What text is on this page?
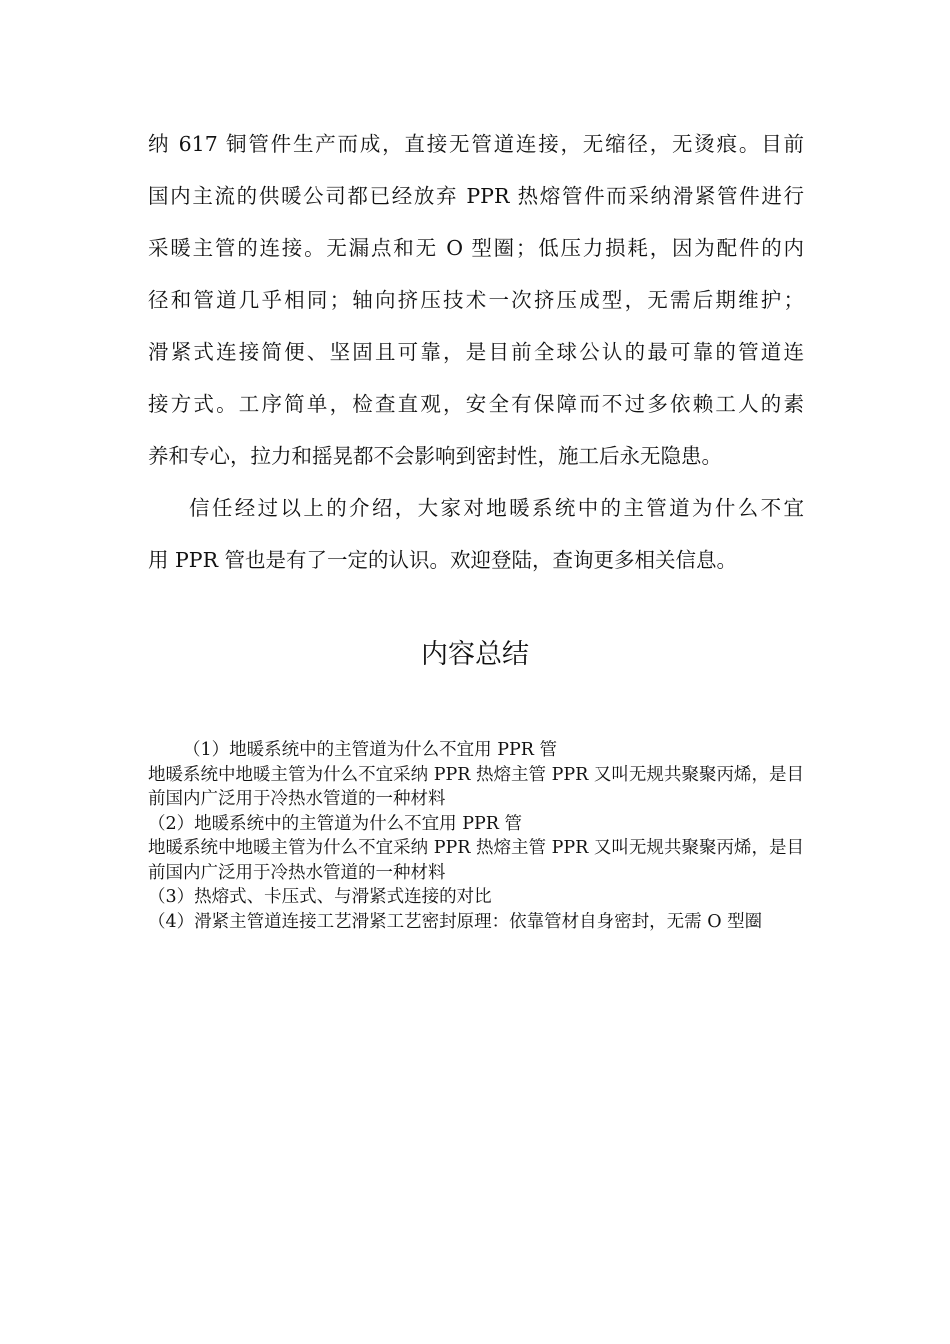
纳 617 铜管件生产而成，直接无管道连接，无缩径，无烫痕。目前

国内主流的供暖公司都已经放弃 PPR 热熔管件而采纳滑紧管件进行

采暖主管的连接。无漏点和无 O 型圈；低压力损耗，因为配件的内

径和管道几乎相同；轴向挤压技术一次挤压成型，无需后期维护；

滑紧式连接简便、坚固且可靠，是目前全球公认的最可靠的管道连

接方式。工序简单，检查直观，安全有保障而不过多依赖工人的素

养和专心，拉力和摇晃都不会影响到密封性，施工后永无隐患。

信任经过以上的介绍，大家对地暖系统中的主管道为什么不宜

用 PPR 管也是有了一定的认识。欢迎登陆，查询更多相关信息。

内容总结

（1）地暖系统中的主管道为什么不宜用 PPR 管

地暖系统中地暖主管为什么不宜采纳 PPR 热熔主管 PPR 又叫无规共聚聚丙烯，是目前国内广泛用于冷热水管道的一种材料

（2）地暖系统中的主管道为什么不宜用 PPR 管

地暖系统中地暖主管为什么不宜采纳 PPR 热熔主管 PPR 又叫无规共聚聚丙烯，是目前国内广泛用于冷热水管道的一种材料

（3）热熔式、卡压式、与滑紧式连接的对比

（4）滑紧主管道连接工艺滑紧工艺密封原理：依靠管材自身密封，无需 O 型圈
